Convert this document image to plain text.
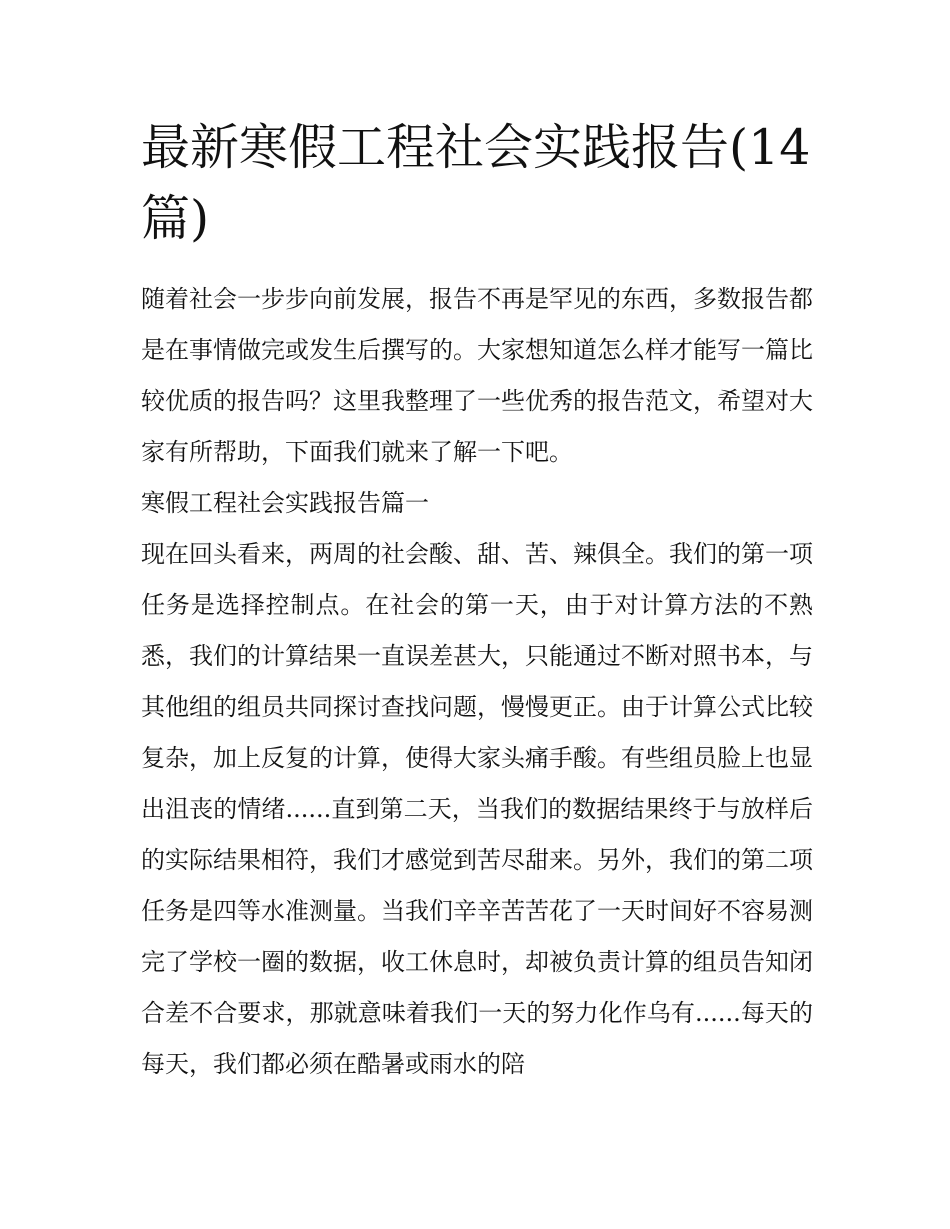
最新寒假工程社会实践报告(14篇)

随着社会一步步向前发展，报告不再是罕见的东西，多数报告都是在事情做完或发生后撰写的。大家想知道怎么样才能写一篇比较优质的报告吗？这里我整理了一些优秀的报告范文，希望对大家有所帮助，下面我们就来了解一下吧。

寒假工程社会实践报告篇一

现在回头看来，两周的社会酸、甜、苦、辣俱全。我们的第一项任务是选择控制点。在社会的第一天，由于对计算方法的不熟悉，我们的计算结果一直误差甚大，只能通过不断对照书本，与其他组的组员共同探讨查找问题，慢慢更正。由于计算公式比较复杂，加上反复的计算，使得大家头痛手酸。有些组员脸上也显出沮丧的情绪......直到第二天，当我们的数据结果终于与放样后的实际结果相符，我们才感觉到苦尽甜来。另外，我们的第二项任务是四等水准测量。当我们辛辛苦苦花了一天时间好不容易测完了学校一圈的数据，收工休息时，却被负责计算的组员告知闭合差不合要求，那就意味着我们一天的努力化作乌有......每天的每天，我们都必须在酷暑或雨水的陪
